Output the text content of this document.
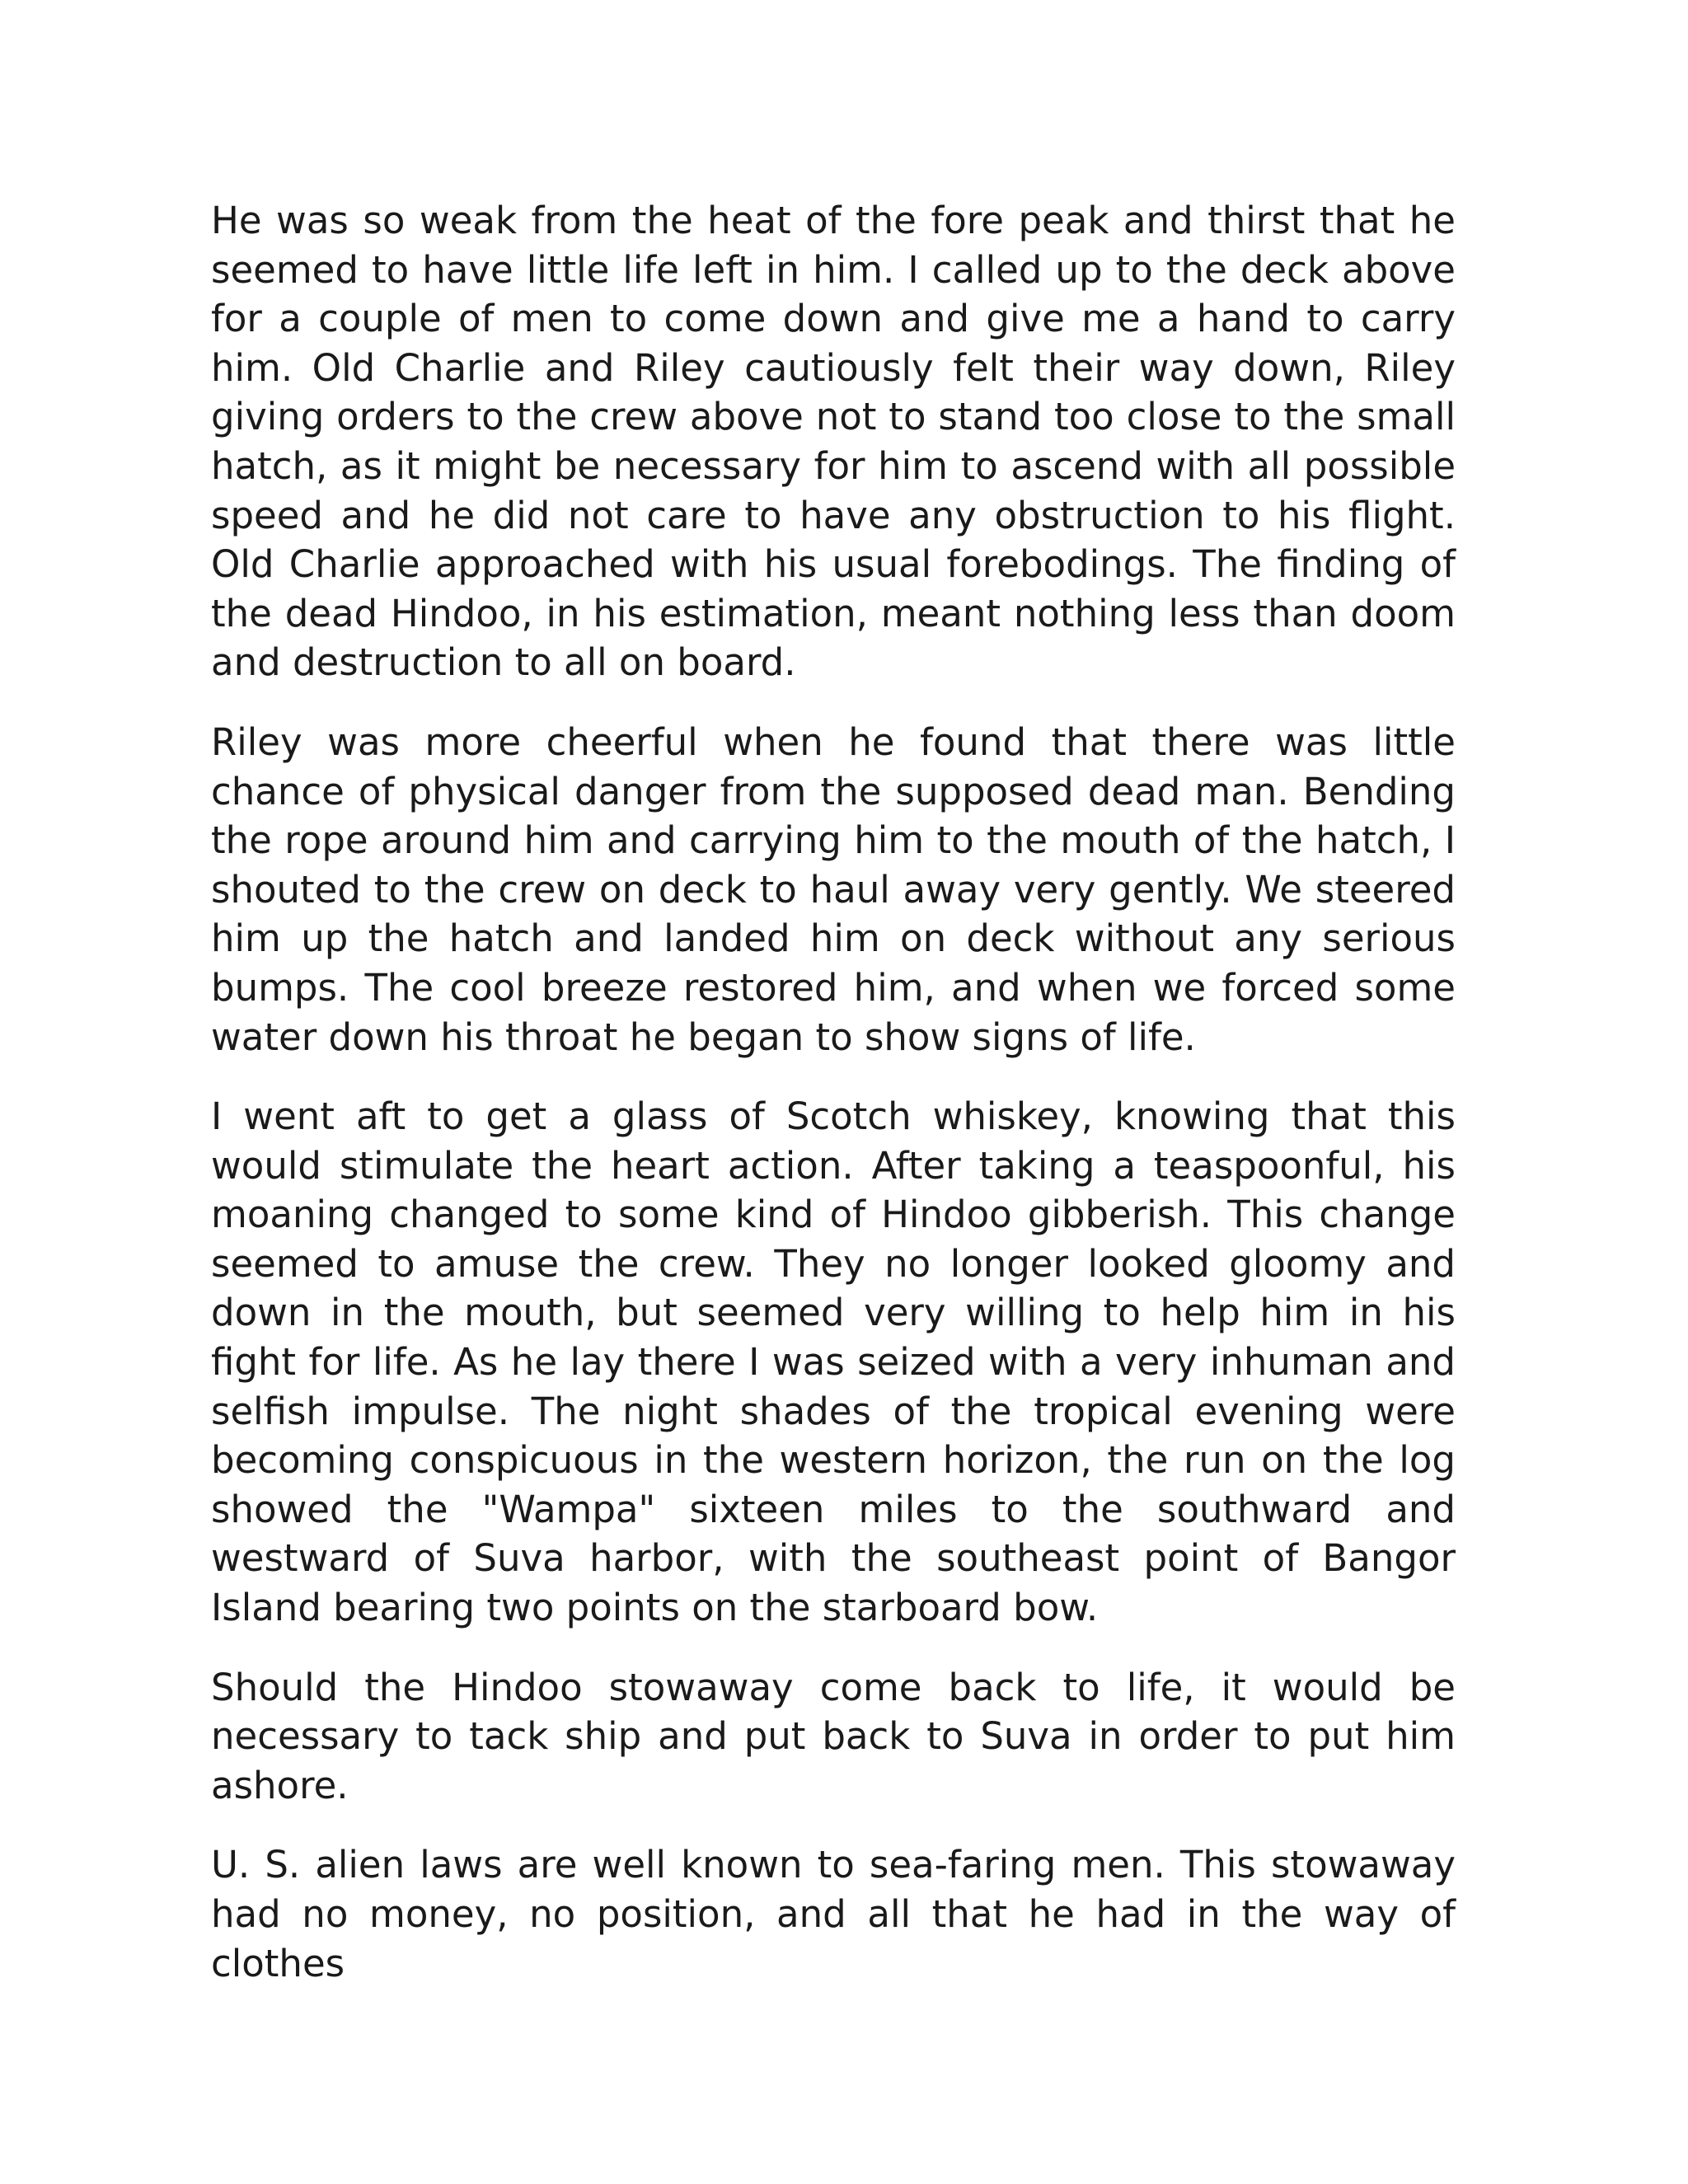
He was so weak from the heat of the fore peak and thirst that he seemed to have little life left in him. I called up to the deck above for a couple of men to come down and give me a hand to carry him. Old Charlie and Riley cautiously felt their way down, Riley giving orders to the crew above not to stand too close to the small hatch, as it might be necessary for him to ascend with all possible speed and he did not care to have any obstruction to his flight. Old Charlie approached with his usual forebodings. The finding of the dead Hindoo, in his estimation, meant nothing less than doom and destruction to all on board.

Riley was more cheerful when he found that there was little chance of physical danger from the supposed dead man. Bending the rope around him and carrying him to the mouth of the hatch, I shouted to the crew on deck to haul away very gently. We steered him up the hatch and landed him on deck without any serious bumps. The cool breeze restored him, and when we forced some water down his throat he began to show signs of life.

I went aft to get a glass of Scotch whiskey, knowing that this would stimulate the heart action. After taking a teaspoonful, his moaning changed to some kind of Hindoo gibberish. This change seemed to amuse the crew. They no longer looked gloomy and down in the mouth, but seemed very willing to help him in his fight for life. As he lay there I was seized with a very inhuman and selfish impulse. The night shades of the tropical evening were becoming conspicuous in the western horizon, the run on the log showed the "Wampa" sixteen miles to the southward and westward of Suva harbor, with the southeast point of Bangor Island bearing two points on the starboard bow.

Should the Hindoo stowaway come back to life, it would be necessary to tack ship and put back to Suva in order to put him ashore.

U. S. alien laws are well known to sea-faring men. This stowaway had no money, no position, and all that he had in the way of clothes
